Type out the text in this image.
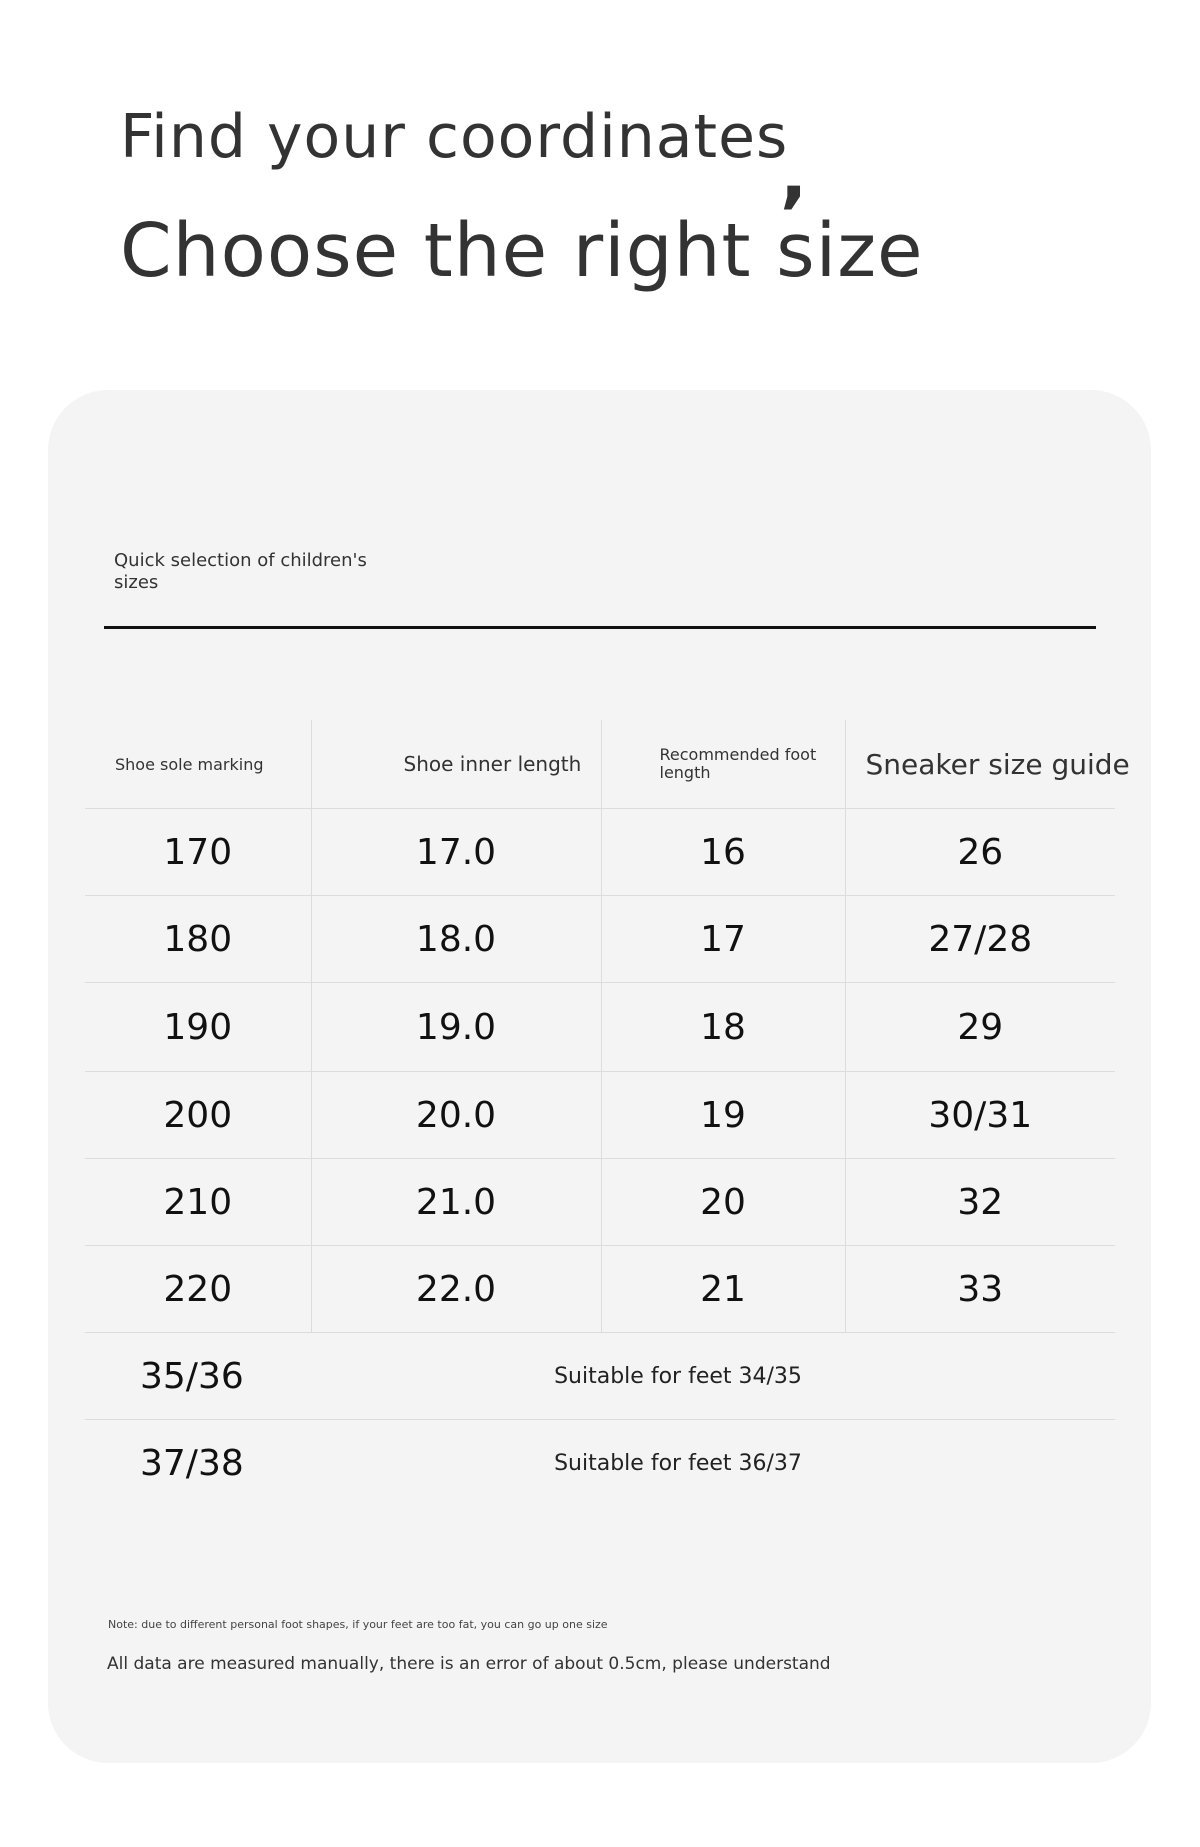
Find your coordinates
,
Choose the right size
Quick selection of children's sizes
Shoe sole marking	Shoe inner length	Recommended foot length	Sneaker size guide
170	17.0	16	26
180	18.0	17	27/28
190	19.0	18	29
200	20.0	19	30/31
210	21.0	20	32
220	22.0	21	33
35/36	Suitable for feet 34/35		
37/38	Suitable for feet 36/37		
Note: due to different personal foot shapes, if your feet are too fat, you can go up one size
All data are measured manually, there is an error of about 0.5cm, please understand
